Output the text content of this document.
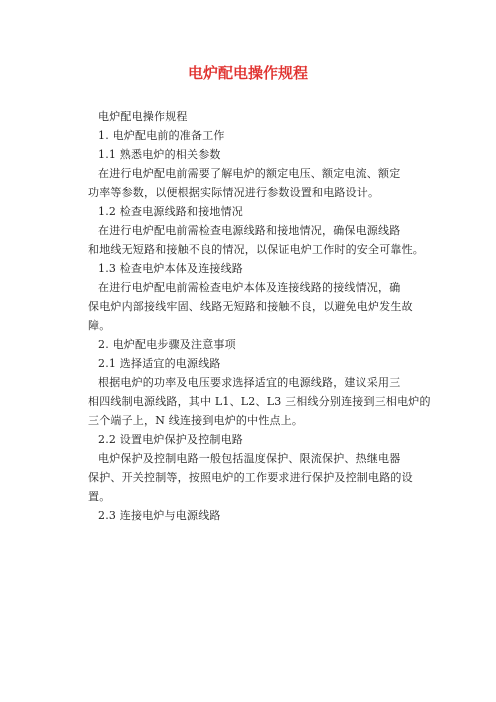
电炉配电操作规程
电炉配电操作规程
1. 电炉配电前的准备工作
1.1 熟悉电炉的相关参数
在进行电炉配电前需要了解电炉的额定电压、额定电流、额定
功率等参数，以便根据实际情况进行参数设置和电路设计。
1.2 检查电源线路和接地情况
在进行电炉配电前需检查电源线路和接地情况，确保电源线路
和地线无短路和接触不良的情况，以保证电炉工作时的安全可靠性。
1.3 检查电炉本体及连接线路
在进行电炉配电前需检查电炉本体及连接线路的接线情况，确
保电炉内部接线牢固、线路无短路和接触不良，以避免电炉发生故
障。
2. 电炉配电步骤及注意事项
2.1 选择适宜的电源线路
根据电炉的功率及电压要求选择适宜的电源线路，建议采用三
相四线制电源线路，其中 L1、L2、L3 三相线分别连接到三相电炉的
三个端子上，N 线连接到电炉的中性点上。
2.2 设置电炉保护及控制电路
电炉保护及控制电路一般包括温度保护、限流保护、热继电器
保护、开关控制等，按照电炉的工作要求进行保护及控制电路的设
置。
2.3 连接电炉与电源线路
